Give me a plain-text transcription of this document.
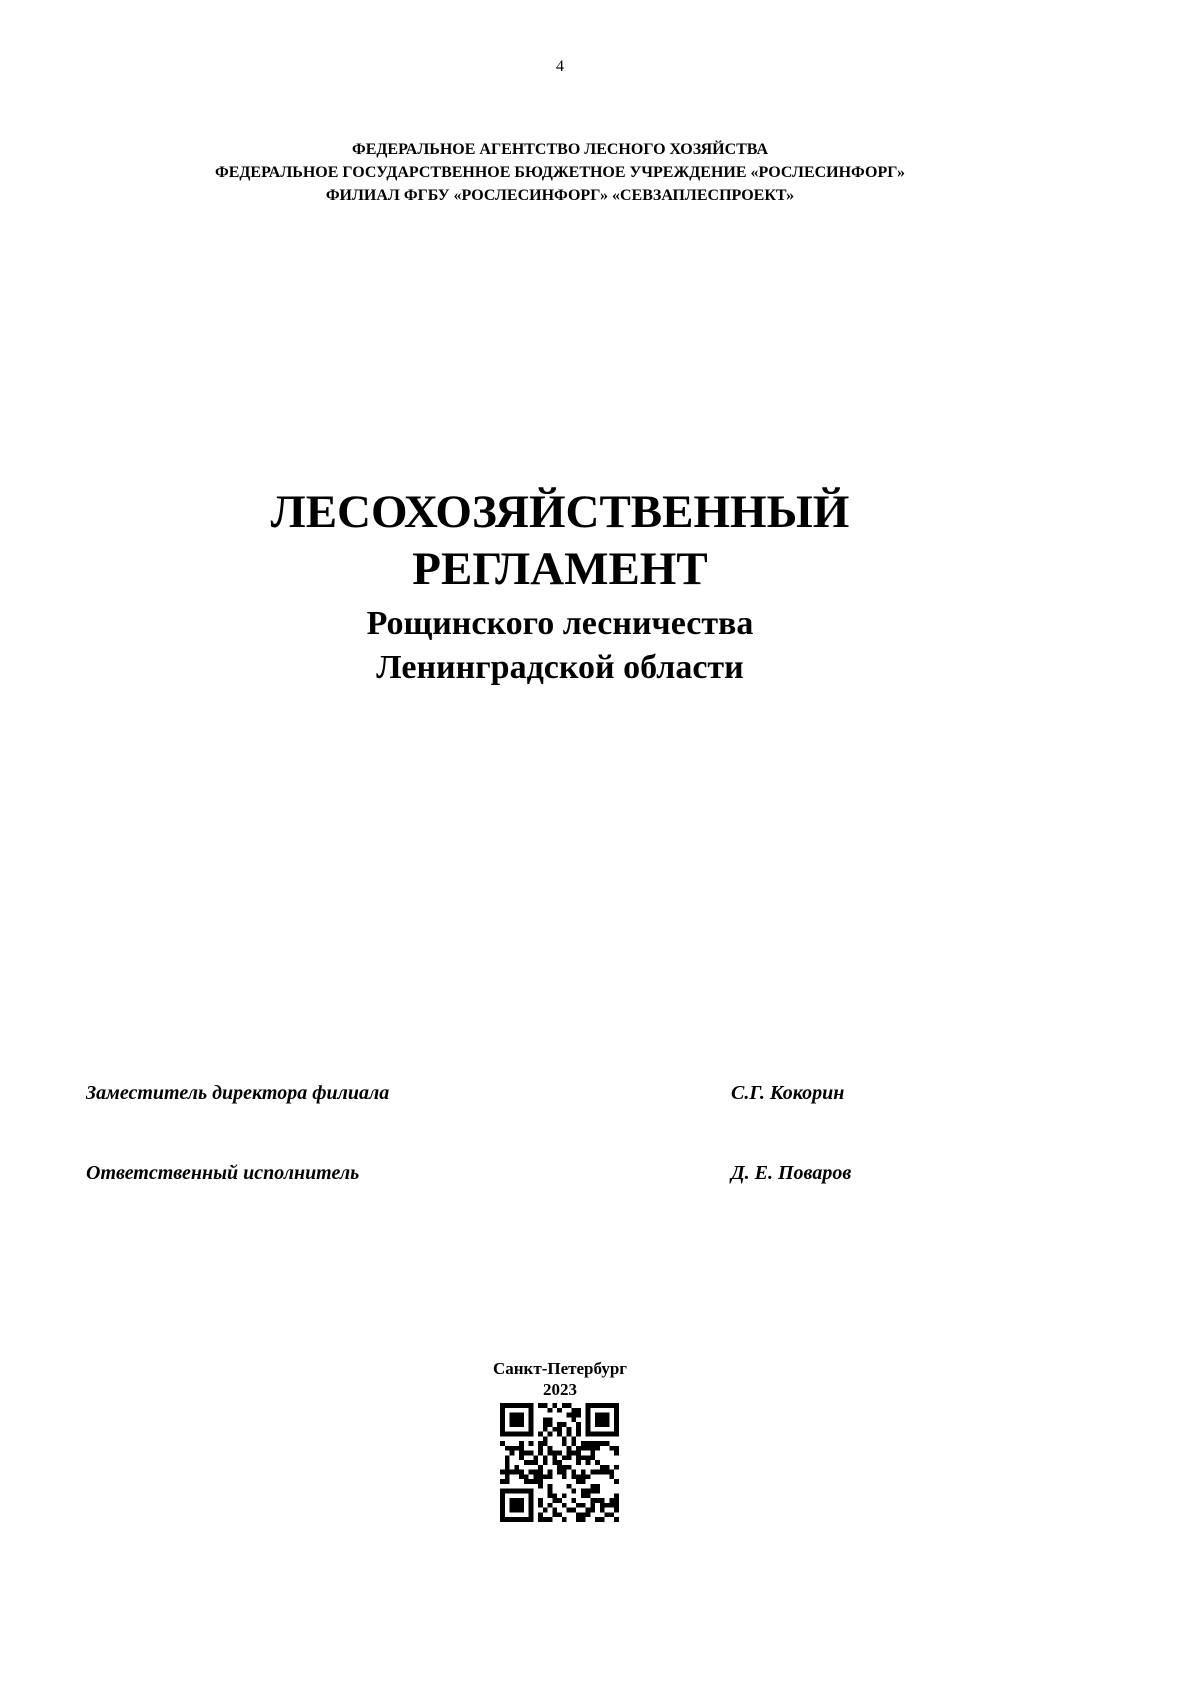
4
ФЕДЕРАЛЬНОЕ АГЕНТСТВО ЛЕСНОГО ХОЗЯЙСТВА
ФЕДЕРАЛЬНОЕ ГОСУДАРСТВЕННОЕ БЮДЖЕТНОЕ УЧРЕЖДЕНИЕ «РОСЛЕСИНФОРГ»
ФИЛИАЛ ФГБУ «РОСЛЕСИНФОРГ» «СЕВЗАПЛЕСПРОЕКТ»
ЛЕСОХОЗЯЙСТВЕННЫЙ
РЕГЛАМЕНТ
Рощинского лесничества
Ленинградской области
Заместитель директора филиала	С.Г. Кокорин
Ответственный исполнитель	Д. Е. Поваров
Санкт-Петербург
2023
